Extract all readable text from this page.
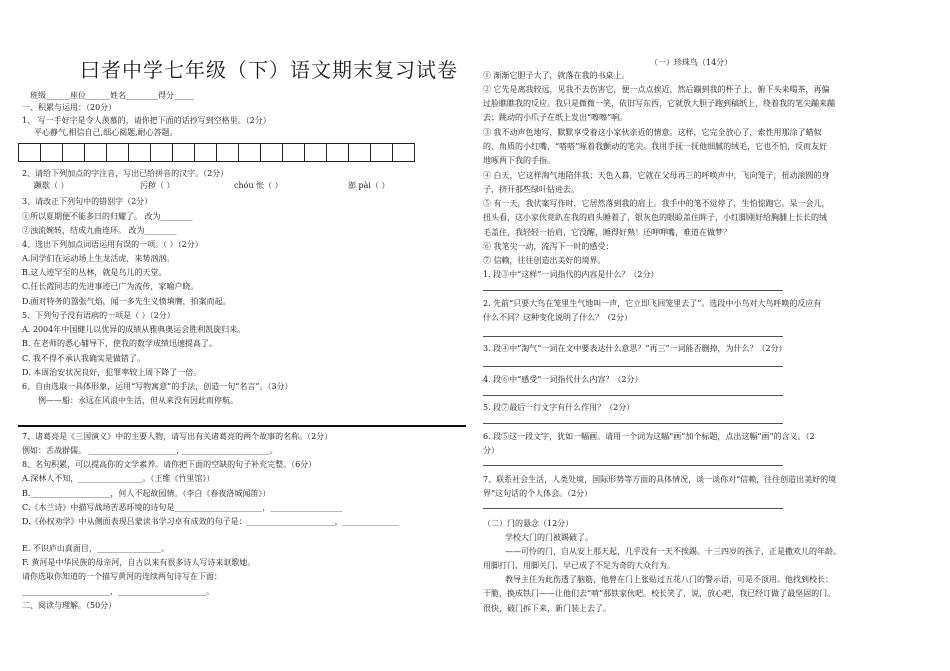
曰者中学七年级（下）语文期末复习试卷
班级______座位______姓名________得分_____
一、积累与运用：（20分）
1、 写一手好字是令人羡慕的，请你把下面的话抄写到空格里。（2分）
平心静气,相信自己,细心阅题,耐心答题。
2、请给下列加点的字注音，写出已给拼音的汉字。（2分）
蹶歇（ ）	污秽（ ）	chóu 怅（ ）	澎 pài（ ）
3、请改正下列句中的错别字（2分）
①所以夏期便不能多日的归耀了。 改为________
②浊流婉转，结成九曲连环。 改为________
4、选出下列加点词语运用有误的一项。（ ）（2分）
A.同学们在运动场上生龙活虎，来势汹汹。
B.这人迹罕至的丛林，就是鸟儿的天堂。
C.任长霞同志的先进事迹已广为流传，家喻户晓。
D.面对特务的嚣张气焰，闻一多先生义愤填膺，拍案而起。
5、下列句子没有语病的一项是（ ）（2分）
A. 2004年中国健儿以优异的成绩从雅典奥运会胜利凯旋归来。
B. 在老师的悉心辅导下，使我的数学成绩迅速提高了。
C. 我不得不承认我确实是做错了。
D. 本周治安状况良好，犯罪率较上周下降了一倍。
6、自由选取一具体形象，运用“写物寓意”的手法，创造一句“名言”。（3分）
例——船：永远在风浪中生活，但从来没有因此而停航。
7、诸葛亮是《三国演义》中的主要人物，请写出有关诸葛亮的两个故事的名称。（2分）
例如：舌战群儒。 ______________________, ______________________。
8、名句积累，可以提高你的文学素养。请你把下面的空缺的句子补充完整。（6分）
A.深林人不知，________________。（王维《竹里馆》）
B.____________________，何人不起故园情。（李白《春夜洛城闻笛》）
C.《木兰诗》中描写战场苦恶环境的诗句是______________________，__________________
D.《孙权劝学》中从侧面表现吕蒙读书学习卓有成效的句子是：______________________，______________
E. 不识庐山真面目，________________。
F. 黄河是中华民族的母亲河，自古以来有很多诗人写诗来讴歌她。
请你选取你知道的一个描写黄河的连续两句诗写在下面：
______________________，______________________。
二、阅读与理解。（50分）
（一）珍珠鸟（14分）
① 渐渐它胆子大了，就落在我的书桌上。
② 它先是离我较远，见我不去伤害它，便一点点挨近，然后蹦到我的杯子上，俯下头来喝茶，再偏
过脸瞧瞧我的反应。我只是微微一笑，依旧写东西，它就放大胆子跑到稿纸上，绕着我的笔尖蹦来蹦
去；跳动的小爪子在纸上发出“嚓嚓”响。
③ 我不动声色地写，默默享受着这小家伙亲近的情意。这样，它完全放心了，索性用那涂了蜡似
的、角质的小红嘴，“嗒嗒”啄着我颤动的笔尖。我用手抚一抚他细腻的绒毛，它也不怕，反而友好
地啄两下我的手指。
④ 白天，它这样淘气地陪伴我；天色入暮，它就在父母再三的呼唤声中，飞向笼子，扭动滚圆的身
子，挤开那些绿叶钻进去。
⑤ 有一天，我伏案写作时，它居然落到我的肩上。我手中的笔不觉停了，生怕惊跑它。呆一会儿，
扭头看，这小家伙竟趴在我的肩头睡着了，银灰色的眼睑盖住眸子，小红脚刚好给胸脯上长长的绒
毛盖住，我轻轻一抬肩，它没醒，睡得好熟！还呷呷嘴，难道在做梦？
⑥ 我笔尖一动，流泻下一时的感受：
⑦ 信赖，往往创造出美好的境界。
1. 段③中“这样”一词指代的内容是什么？（2分）
2. 先前“只要大鸟在笼里生气地叫一声，它立即飞回笼里去了”。选段中小鸟对大鸟呼唤的反应有
什么不同？这种变化说明了什么？（2分）
3. 段④中“淘气”一词在文中要表达什么意思？“再三”一词能否删掉，为什么？（2分）
4. 段⑥中“感受”一词指代什么内容？（2分）
5. 段⑦最后一行文字有什么作用？（2分）
6. 段⑤这一段文字，犹如一幅画。请用一个词为这幅“画”加个标题，点出这幅“画”的含义。（2
分）
7、联系社会生活，人类处境，国际形势等方面的具体情况，谈一谈你对“信赖，往往创造出美好的境
界”这句话的个人体会。（2分）
（二）门的悬念（12分）
学校大门的门被踢破了。
——可怜的门，自从安上那天起，几乎没有一天不挨踢。十三四岁的孩子，正是撒欢儿的年龄。
用脚打门，用脚关门，早已成了不足为奇的大众行为。
教导主任为此伤透了脑筋，他曾在门上张贴过五花八门的警示语，可是不顶用。他找到校长：
干脆，换成铁门——让他们去“啃”那铁家伙吧。校长笑了，说，放心吧，我已经订做了最坚固的门。
很快，破门拆下来，新门装上去了。
